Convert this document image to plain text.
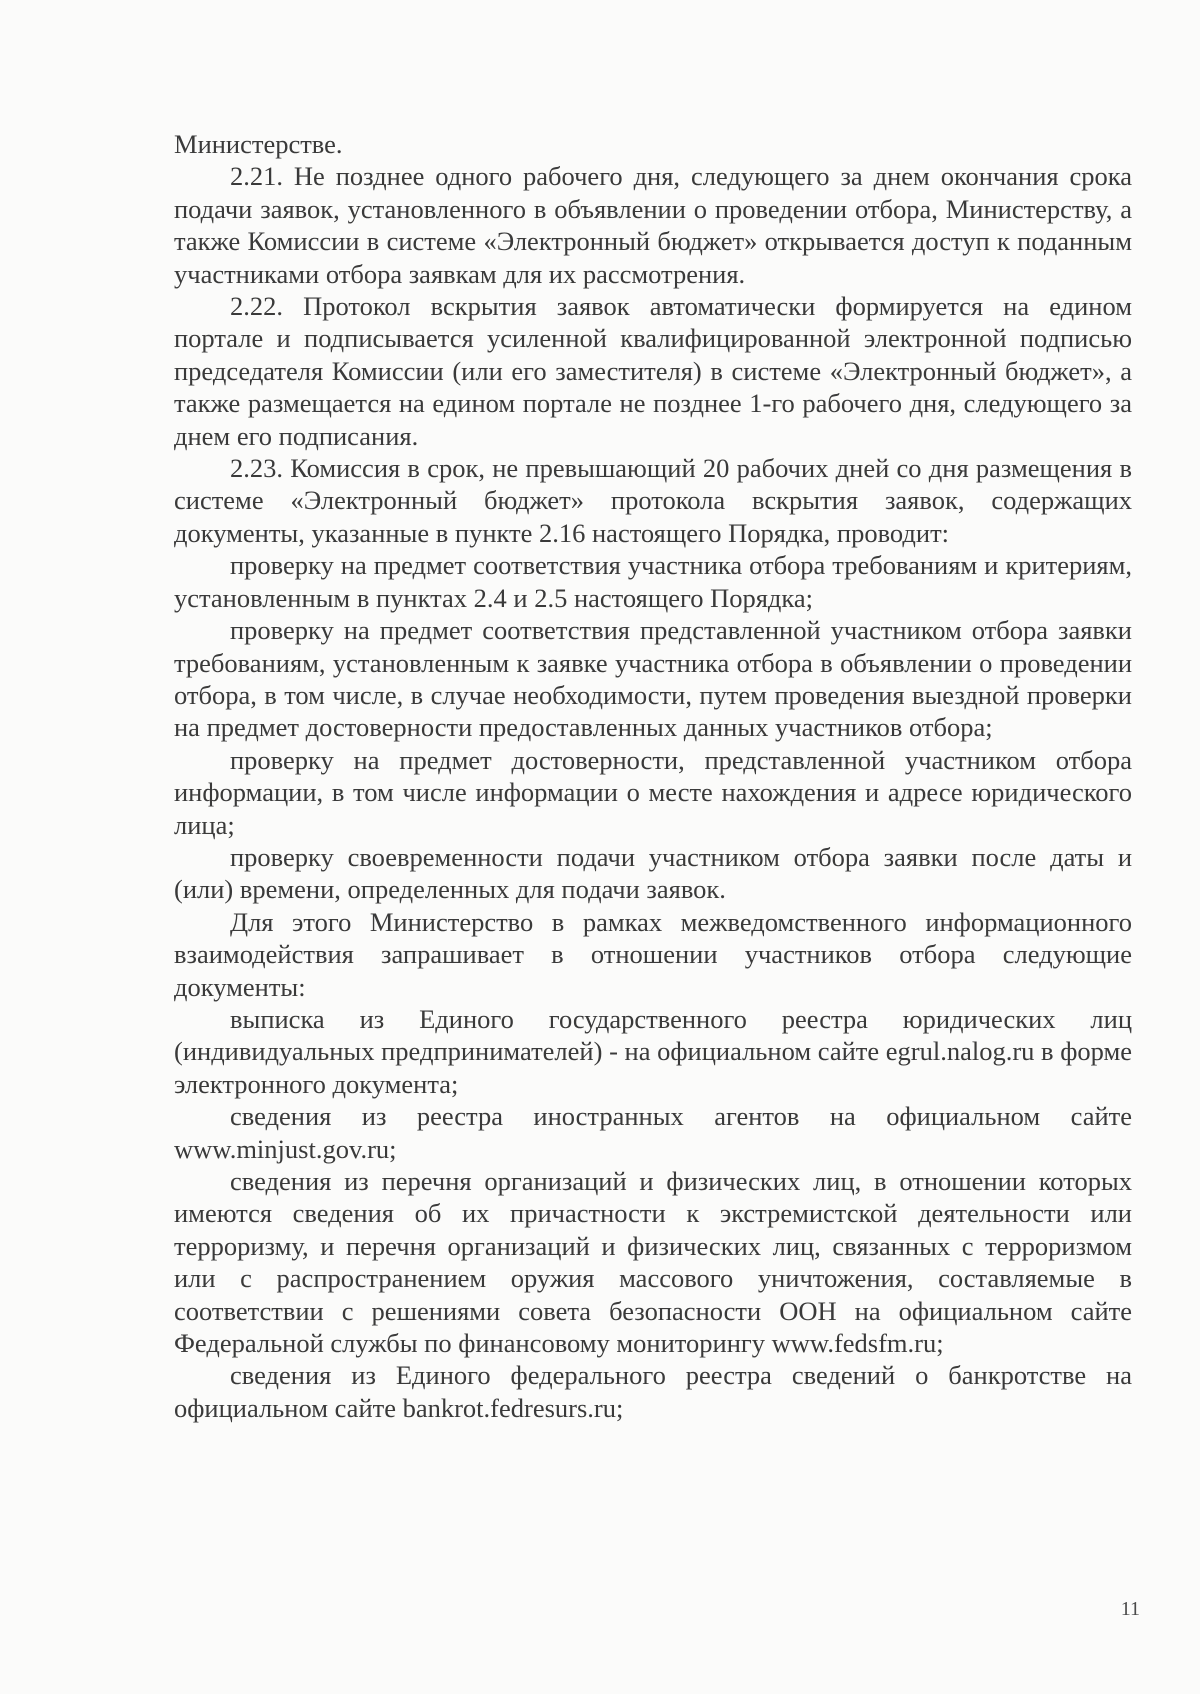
Министерстве.

2.21. Не позднее одного рабочего дня, следующего за днем окончания срока подачи заявок, установленного в объявлении о проведении отбора, Министерству, а также Комиссии в системе «Электронный бюджет» открывается доступ к поданным участниками отбора заявкам для их рассмотрения.

2.22. Протокол вскрытия заявок автоматически формируется на едином портале и подписывается усиленной квалифицированной электронной подписью председателя Комиссии (или его заместителя) в системе «Электронный бюджет», а также размещается на едином портале не позднее 1-го рабочего дня, следующего за днем его подписания.

2.23. Комиссия в срок, не превышающий 20 рабочих дней со дня размещения в системе «Электронный бюджет» протокола вскрытия заявок, содержащих документы, указанные в пункте 2.16 настоящего Порядка, проводит:

проверку на предмет соответствия участника отбора требованиям и критериям, установленным в пунктах 2.4 и 2.5 настоящего Порядка;

проверку на предмет соответствия представленной участником отбора заявки требованиям, установленным к заявке участника отбора в объявлении о проведении отбора, в том числе, в случае необходимости, путем проведения выездной проверки на предмет достоверности предоставленных данных участников отбора;

проверку на предмет достоверности, представленной участником отбора информации, в том числе информации о месте нахождения и адресе юридического лица;

проверку своевременности подачи участником отбора заявки после даты и (или) времени, определенных для подачи заявок.

Для этого Министерство в рамках межведомственного информационного взаимодействия запрашивает в отношении участников отбора следующие документы:

выписка из Единого государственного реестра юридических лиц (индивидуальных предпринимателей) - на официальном сайте egrul.nalog.ru в форме электронного документа;

сведения из реестра иностранных агентов на официальном сайте www.minjust.gov.ru;

сведения из перечня организаций и физических лиц, в отношении которых имеются сведения об их причастности к экстремистской деятельности или терроризму, и перечня организаций и физических лиц, связанных с терроризмом или с распространением оружия массового уничтожения, составляемые в соответствии с решениями совета безопасности ООН на официальном сайте Федеральной службы по финансовому мониторингу www.fedsfm.ru;

сведения из Единого федерального реестра сведений о банкротстве на официальном сайте bankrot.fedresurs.ru;

11
